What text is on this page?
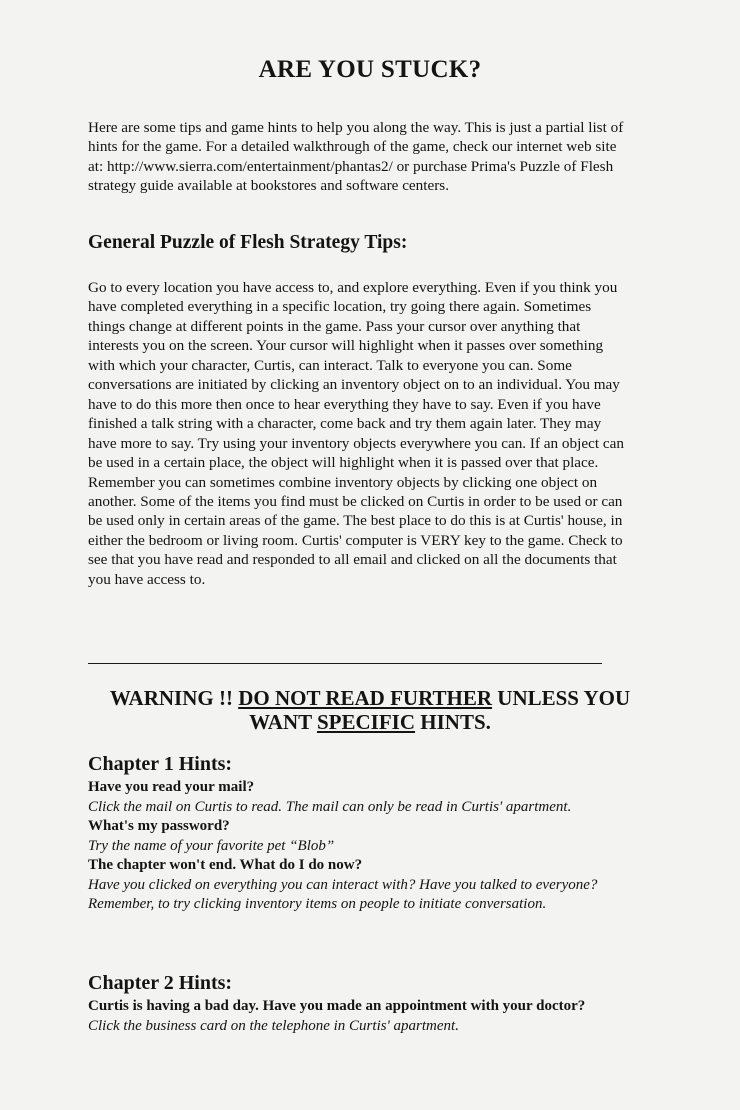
ARE YOU STUCK?
Here are some tips and game hints to help you along the way. This is just a partial list of hints for the game. For a detailed walkthrough of the game, check our internet web site at: http://www.sierra.com/entertainment/phantas2/ or purchase Prima's Puzzle of Flesh strategy guide available at bookstores and software centers.
General Puzzle of Flesh Strategy Tips:
Go to every location you have access to, and explore everything. Even if you think you have completed everything in a specific location, try going there again. Sometimes things change at different points in the game. Pass your cursor over anything that interests you on the screen. Your cursor will highlight when it passes over something with which your character, Curtis, can interact. Talk to everyone you can. Some conversations are initiated by clicking an inventory object on to an individual. You may have to do this more then once to hear everything they have to say. Even if you have finished a talk string with a character, come back and try them again later. They may have more to say. Try using your inventory objects everywhere you can. If an object can be used in a certain place, the object will highlight when it is passed over that place. Remember you can sometimes combine inventory objects by clicking one object on another. Some of the items you find must be clicked on Curtis in order to be used or can be used only in certain areas of the game. The best place to do this is at Curtis' house, in either the bedroom or living room. Curtis' computer is VERY key to the game. Check to see that you have read and responded to all email and clicked on all the documents that you have access to.
WARNING !! DO NOT READ FURTHER UNLESS YOU
WANT SPECIFIC HINTS.
Chapter 1 Hints:
Have you read your mail?
Click the mail on Curtis to read. The mail can only be read in Curtis' apartment.
What's my password?
Try the name of your favorite pet “Blob”
The chapter won't end. What do I do now?
Have you clicked on everything you can interact with? Have you talked to everyone? Remember, to try clicking inventory items on people to initiate conversation.
Chapter 2 Hints:
Curtis is having a bad day. Have you made an appointment with your doctor?
Click the business card on the telephone in Curtis' apartment.
